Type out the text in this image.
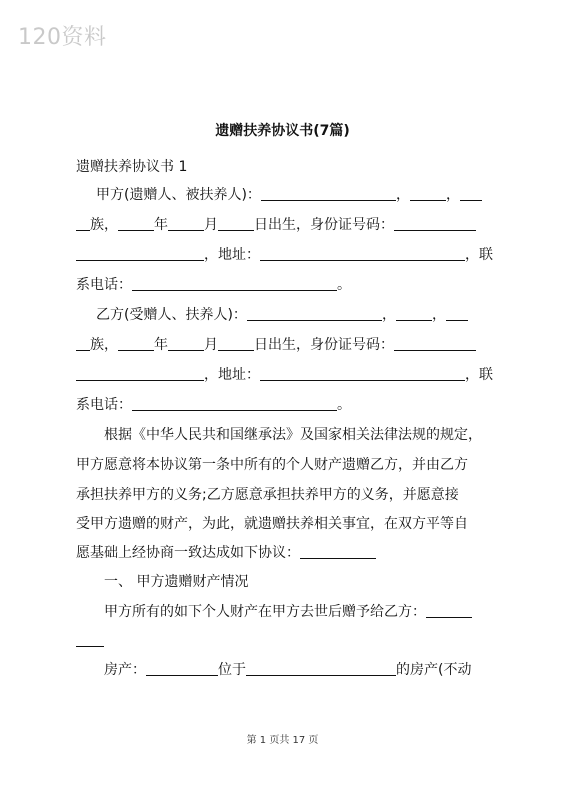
120资料
遗赠扶养协议书(7篇)
遗赠扶养协议书 1
甲方(遗赠人、被扶养人)：	，	，
族，	年	月	日出生，身份证号码：
，地址：	，联
系电话：	。
乙方(受赠人、扶养人)：	，	，
族，	年	月	日出生，身份证号码：
，地址：	，联
系电话：	。
根据《中华人民共和国继承法》及国家相关法律法规的规定，
甲方愿意将本协议第一条中所有的个人财产遗赠乙方，并由乙方
承担扶养甲方的义务;乙方愿意承担扶养甲方的义务，并愿意接
受甲方遗赠的财产，为此，就遗赠扶养相关事宜，在双方平等自
愿基础上经协商一致达成如下协议：
一、 甲方遗赠财产情况
甲方所有的如下个人财产在甲方去世后赠予给乙方：
房产：	位于	的房产(不动
第 1 页共 17 页
